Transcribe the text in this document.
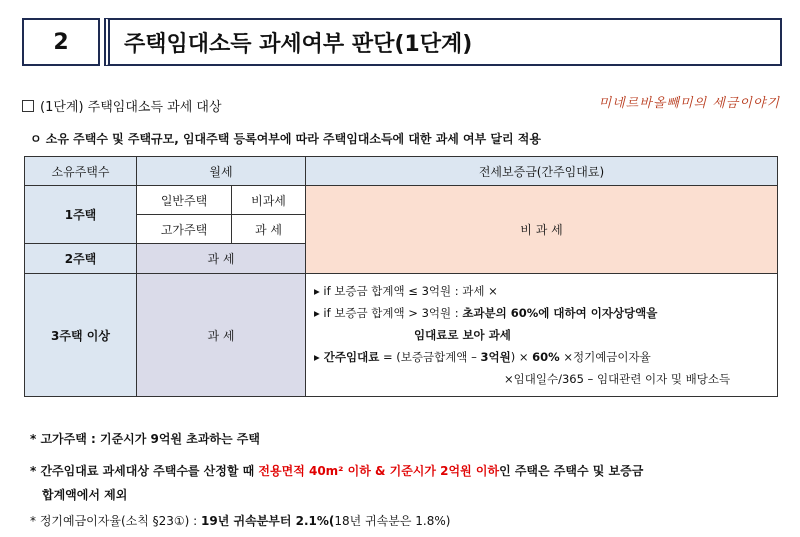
2	주택임대소득 과세여부 판단(1단계)
(1단계) 주택임대소득 과세 대상	미네르바올빼미의 세금이야기
ㅇ 소유 주택수 및 주택규모, 임대주택 등록여부에 따라 주택임대소득에 대한 과세 여부 달리 적용
소유주택수	월세		전세보증금(간주임대료)
1주택	일반주택	비과세	비 과 세
	고가주택	과 세	
2주택	과 세		
3주택 이상	과 세		▸ if 보증금 합계액 ≤ 3억원 : 과세 ×
▸ if 보증금 합계액 > 3억원 : 초과분의 60%에 대하여 이자상당액을
임대료로 보아 과세
▸ 간주임대료 = (보증금합계액 – 3억원) × 60% ×정기예금이자율
×임대일수/365 – 임대관련 이자 및 배당소득
* 고가주택 : 기준시가 9억원 초과하는 주택
* 간주임대료 과세대상 주택수를 산정할 때 전용면적 40m² 이하 & 기준시가 2억원 이하인 주택은 주택수 및 보증금
합계액에서 제외
* 정기예금이자율(소칙 §23①) : 19년 귀속분부터 2.1%(18년 귀속분은 1.8%)
